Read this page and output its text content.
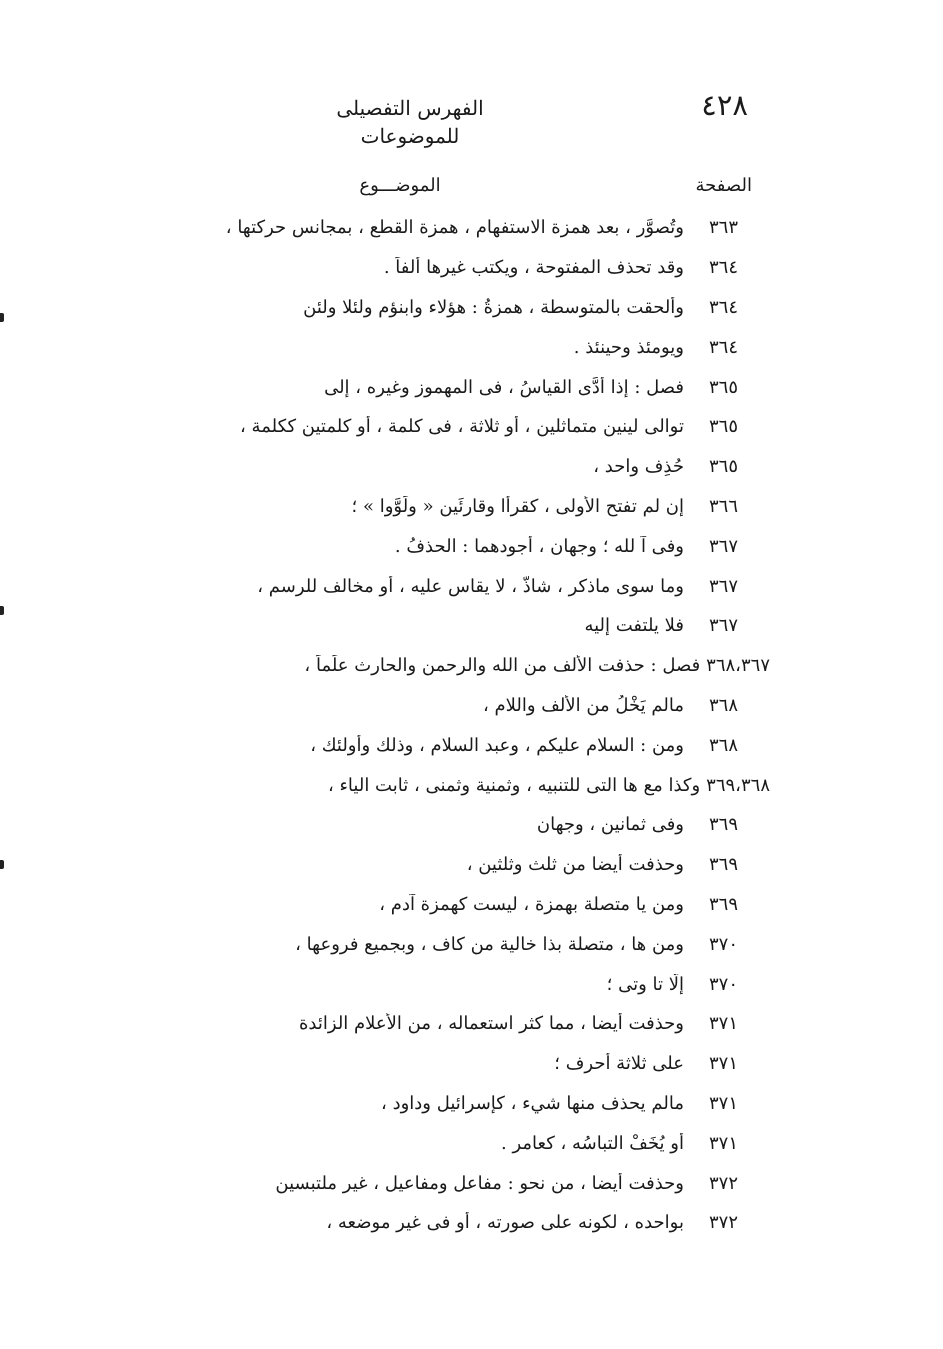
٤٢٨
الفهرس التفصيلى للموضوعات
الصفحة
الموضـــوع
٣٦٣
وتُصوَّر ، بعد همزة الاستفهام ، همزة القطع ، بمجانس حركتها ،
٣٦٤
وقد تحذف المفتوحة ، ويكتب غيرها ألفاً .
٣٦٤
وألحقت بالمتوسطة ، همزةُ : هؤلاء وابنؤم ولئلا ولئن
٣٦٤
ويومئذ وحينئذ .
٣٦٥
فصل : إذا أدَّى القياسُ ، فى المهموز وغيره ، إلى
٣٦٥
توالى لينين متماثلين ، أو ثلاثة ، فى كلمة ، أو كلمتين ككلمة ،
٣٦٥
حُذِف واحد ،
٣٦٦
إن لم تفتح الأُولى ، كقرأا وقارئَين « ولَوَّوا » ؛
٣٦٧
وفى آ لله ؛ وجهان ، أجودهما : الحذفُ .
٣٦٧
وما سوى ماذكر ، شاذٌّ ، لا يقاس عليه ، أو مخالف للرسم ،
٣٦٧
فلا يلتفت إليه
٣٦٨،٣٦٧
فصل : حذفت الألف من الله والرحمن والحارث علَماً ،
٣٦٨
مالم يَخْلُ من الألف واللام ،
٣٦٨
ومن : السلام عليكم ، وعبد السلام ، وذلك وأولئك ،
٣٦٩،٣٦٨
وكذا مع ها التى للتنبيه ، وثمنية وثمنى ، ثابت الياء ،
٣٦٩
وفى ثمانين ، وجهان
٣٦٩
وحذفت أيضا من ثلث وثلثين ،
٣٦٩
ومن يا متصلة بهمزة ، ليست كهمزة آدم ،
٣٧٠
ومن ها ، متصلة بذا خالية من كاف ، وبجميع فروعها ،
٣٧٠
إلَّا تا وتى ؛
٣٧١
وحذفت أيضا ، مما كثر استعماله ، من الأعلام الزائدة
٣٧١
على ثلاثة أحرف ؛
٣٧١
مالم يحذف منها شيء ، كإسرائيل وداود ،
٣٧١
أو يُخَفْ التباسُه ، كعامر .
٣٧٢
وحذفت أيضا ، من نحو : مفاعل ومفاعيل ، غير ملتبسين
٣٧٢
بواحده ، لكونه على صورته ، أو فى غير موضعه ،
